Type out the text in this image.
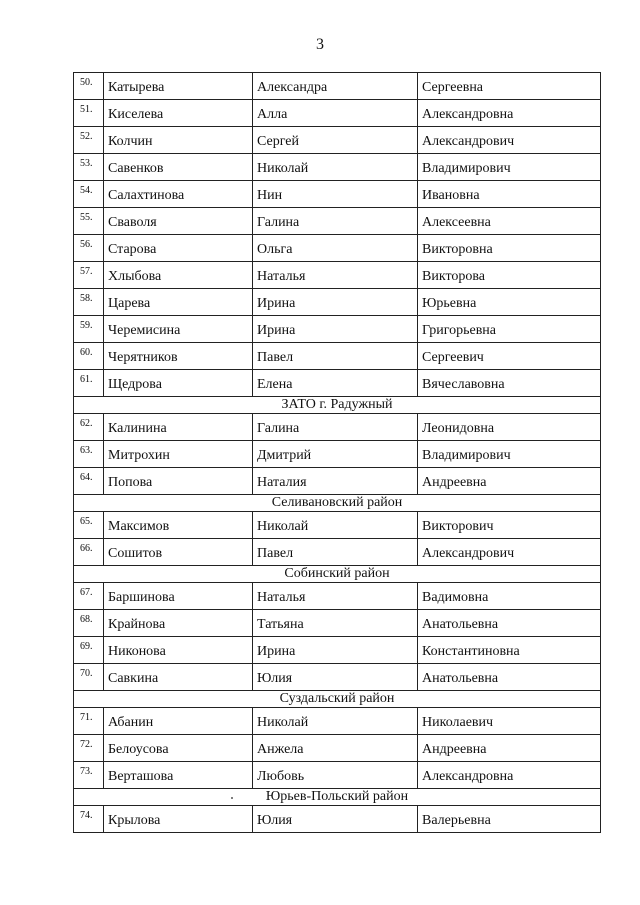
3
50.	Катырева	Александра	Сергеевна
51.	Киселева	Алла	Александровна
52.	Колчин	Сергей	Александрович
53.	Савенков	Николай	Владимирович
54.	Салахтинова	Нин	Ивановна
55.	Сваволя	Галина	Алексеевна
56.	Старова	Ольга	Викторовна
57.	Хлыбова	Наталья	Викторова
58.	Царева	Ирина	Юрьевна
59.	Черемисина	Ирина	Григорьевна
60.	Черятников	Павел	Сергеевич
61.	Щедрова	Елена	Вячеславовна
ЗАТО г. Радужный			
62.	Калинина	Галина	Леонидовна
63.	Митрохин	Дмитрий	Владимирович
64.	Попова	Наталия	Андреевна
Селивановский район			
65.	Максимов	Николай	Викторович
66.	Сошитов	Павел	Александрович
Собинский район			
67.	Баршинова	Наталья	Вадимовна
68.	Крайнова	Татьяна	Анатольевна
69.	Никонова	Ирина	Константиновна
70.	Савкина	Юлия	Анатольевна
Суздальский район			
71.	Абанин	Николай	Николаевич
72.	Белоусова	Анжела	Андреевна
73.	Верташова	Любовь	Александровна
Юрьев-Польский район			
74.	Крылова	Юлия	Валерьевна
